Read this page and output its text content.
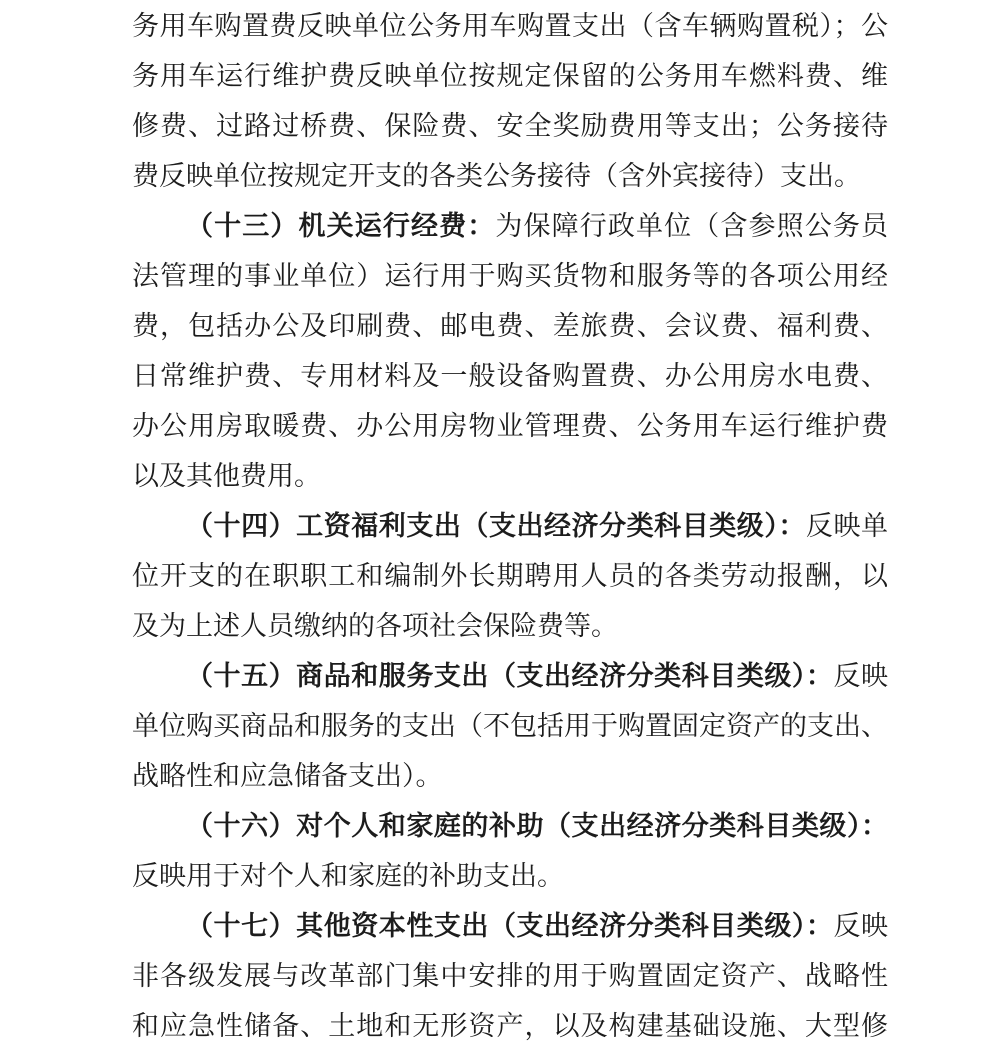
务用车购置费反映单位公务用车购置支出（含车辆购置税）；公
务用车运行维护费反映单位按规定保留的公务用车燃料费、维
修费、过路过桥费、保险费、安全奖励费用等支出；公务接待
费反映单位按规定开支的各类公务接待（含外宾接待）支出。
（十三）机关运行经费：为保障行政单位（含参照公务员
法管理的事业单位）运行用于购买货物和服务等的各项公用经
费，包括办公及印刷费、邮电费、差旅费、会议费、福利费、
日常维护费、专用材料及一般设备购置费、办公用房水电费、
办公用房取暖费、办公用房物业管理费、公务用车运行维护费
以及其他费用。
（十四）工资福利支出（支出经济分类科目类级）：反映单
位开支的在职职工和编制外长期聘用人员的各类劳动报酬，以
及为上述人员缴纳的各项社会保险费等。
（十五）商品和服务支出（支出经济分类科目类级）：反映
单位购买商品和服务的支出（不包括用于购置固定资产的支出、
战略性和应急储备支出）。
（十六）对个人和家庭的补助（支出经济分类科目类级）：
反映用于对个人和家庭的补助支出。
（十七）其他资本性支出（支出经济分类科目类级）：反映
非各级发展与改革部门集中安排的用于购置固定资产、战略性
和应急性储备、土地和无形资产，以及构建基础设施、大型修
